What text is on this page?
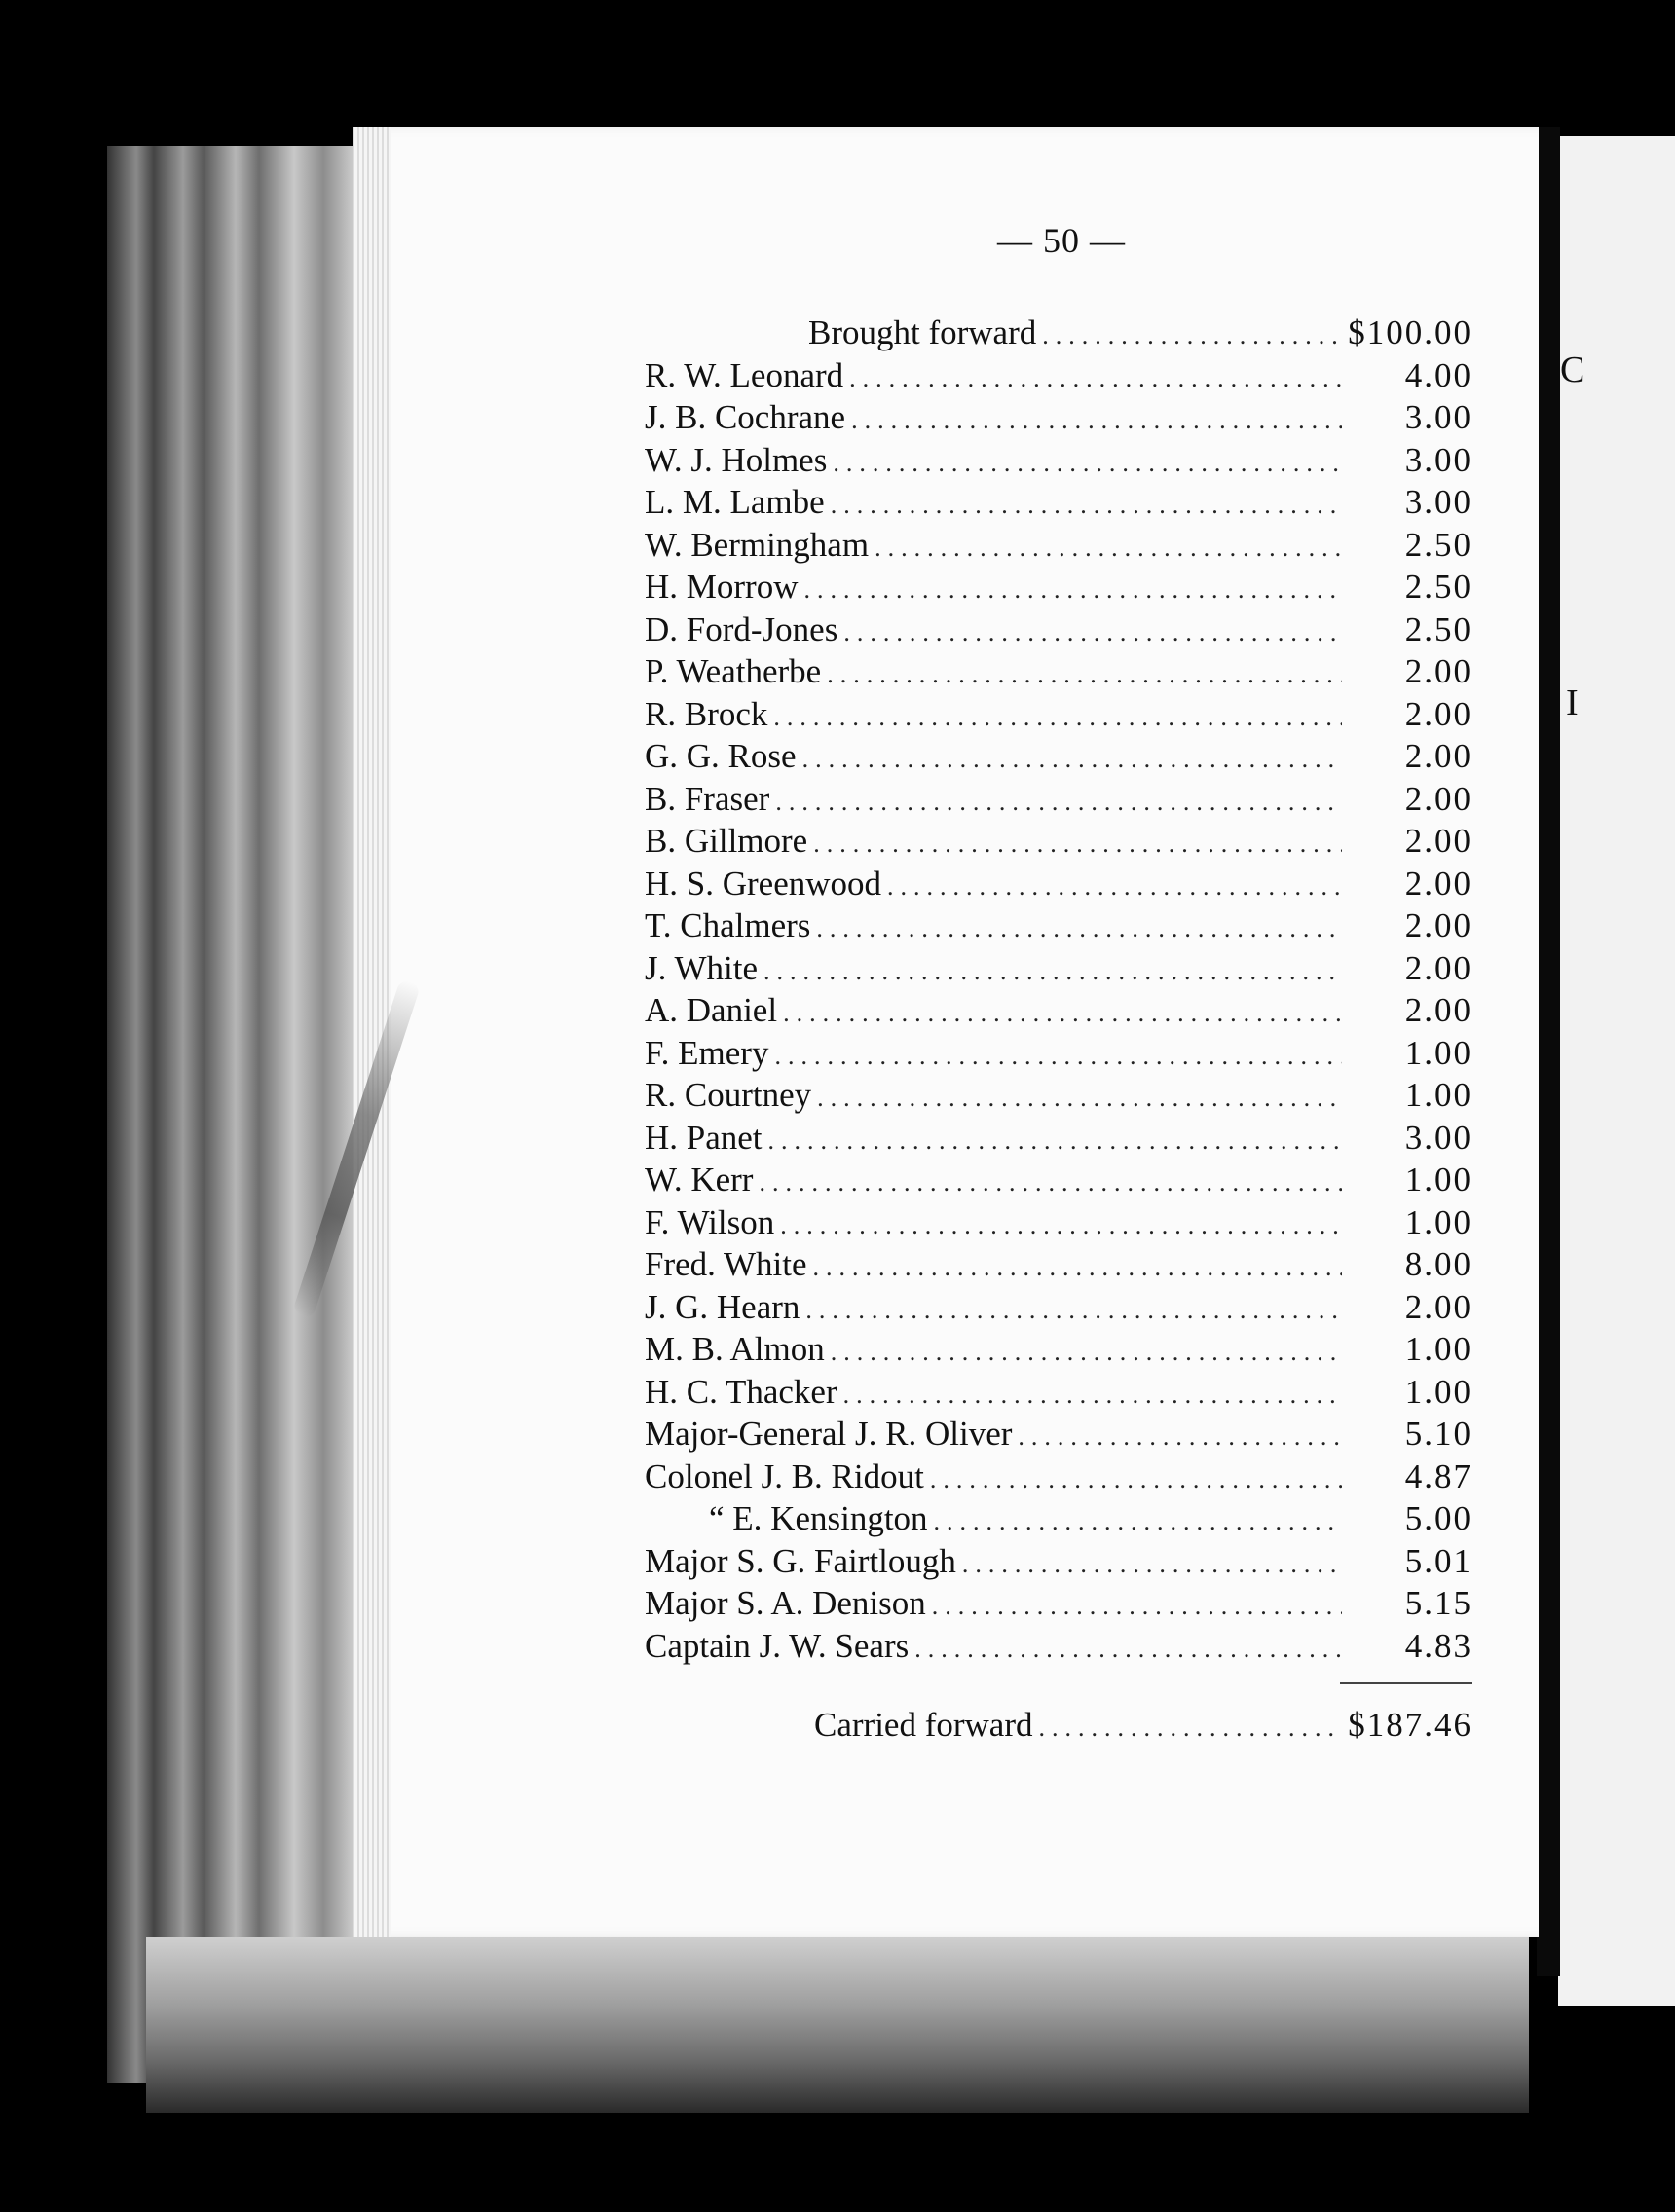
C
I
— 50 —
Brought forward .....	$100.00
R. W. Leonard .....	4.00
J. B. Cochrane .....	3.00
W. J. Holmes .....	3.00
L. M. Lambe .....	3.00
W. Bermingham .....	2.50
H. Morrow .....	2.50
D. Ford-Jones .....	2.50
P. Weatherbe .....	2.00
R. Brock .....	2.00
G. G. Rose .....	2.00
B. Fraser .....	2.00
B. Gillmore .....	2.00
H. S. Greenwood .....	2.00
T. Chalmers .....	2.00
J. White .....	2.00
A. Daniel .....	2.00
F. Emery .....	1.00
R. Courtney .....	1.00
H. Panet .....	3.00
W. Kerr .....	1.00
F. Wilson .....	1.00
Fred. White .....	8.00
J. G. Hearn .....	2.00
M. B. Almon .....	1.00
H. C. Thacker .....	1.00
Major-General J. R. Oliver .....	5.10
Colonel J. B. Ridout .....	4.87
“ E. Kensington .....	5.00
Major S. G. Fairtlough .....	5.01
Major S. A. Denison .....	5.15
Captain J. W. Sears .....	4.83
Carried forward .....	$187.46
